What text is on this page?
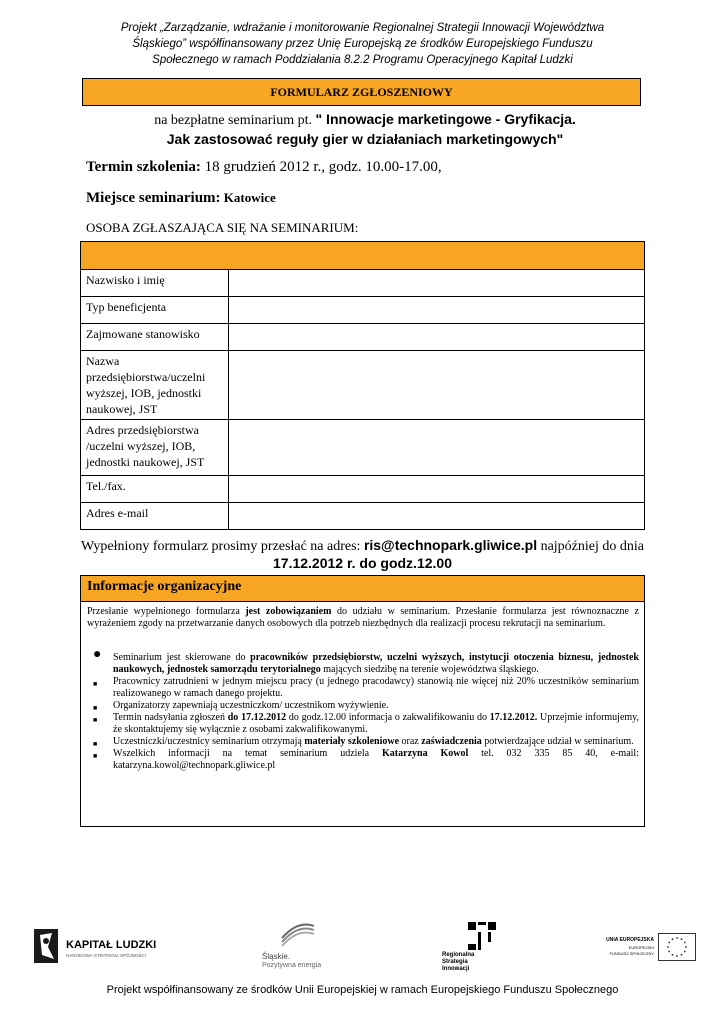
Projekt „Zarządzanie, wdrażanie i monitorowanie Regionalnej Strategii Innowacji Województwa
Śląskiego” współfinansowany przez Unię Europejską ze środków Europejskiego Funduszu
Społecznego w ramach Poddziałania 8.2.2 Programu Operacyjnego Kapitał Ludzki
FORMULARZ ZGŁOSZENIOWY
na bezpłatne seminarium pt. " Innowacje marketingowe - Gryfikacja.
Jak zastosować reguły gier w działaniach marketingowych"
Termin szkolenia: 18 grudzień 2012 r., godz. 10.00-17.00,
Miejsce seminarium: Katowice
OSOBA ZGŁASZAJĄCA SIĘ NA SEMINARIUM:

Nazwisko i imię	
Typ beneficjenta	
Zajmowane stanowisko	
Nazwa przedsiębiorstwa/uczelni wyższej, IOB, jednostki naukowej, JST	
Adres przedsiębiorstwa /uczelni wyższej, IOB, jednostki naukowej, JST	
Tel./fax.	
Adres e-mail	
Wypełniony formularz prosimy przesłać na adres: ris@technopark.gliwice.pl najpóźniej do dnia 17.12.2012 r. do godz.12.00
Informacje organizacyjne
Przesłanie wypełnionego formularza jest zobowiązaniem do udziału w seminarium. Przesłanie formularza jest równoznaczne z wyrażeniem zgody na przetwarzanie danych osobowych dla potrzeb niezbędnych dla realizacji procesu rekrutacji na seminarium.
● Seminarium jest skierowane do pracowników przedsiębiorstw, uczelni wyższych, instytucji otoczenia biznesu, jednostek naukowych, jednostek samorządu terytorialnego mających siedzibę na terenie województwa śląskiego.
■ Pracownicy zatrudnieni w jednym miejscu pracy (u jednego pracodawcy) stanowią nie więcej niż 20% uczestników seminarium realizowanego w ramach danego projektu.
■ Organizatorzy zapewniają uczestniczkom/ uczestnikom wyżywienie.
■ Termin nadsyłania zgłoszeń do 17.12.2012 do godz.12.00 informacja o zakwalifikowaniu do 17.12.2012. Uprzejmie informujemy, że skontaktujemy się wyłącznie z osobami zakwalifikowanymi.
■ Uczestniczki/uczestnicy seminarium otrzymają materiały szkoleniowe oraz zaświadczenia potwierdzające udział w seminarium.
■ Wszelkich informacji na temat seminarium udziela Katarzyna Kowol tel. 032 335 85 40, e-mail: katarzyna.kowol@technopark.gliwice.pl
KAPITAŁ LUDZKI
NARODOWA STRATEGIA SPÓJNOŚCI	Śląskie.
Pozytywna energia
Regionalna
Strategia
Innowacji
UNIA EUROPEJSKA
EUROPEJSKI
FUNDUSZ SPOŁECZNY
Projekt współfinansowany ze środków Unii Europejskiej w ramach Europejskiego Funduszu Społecznego
